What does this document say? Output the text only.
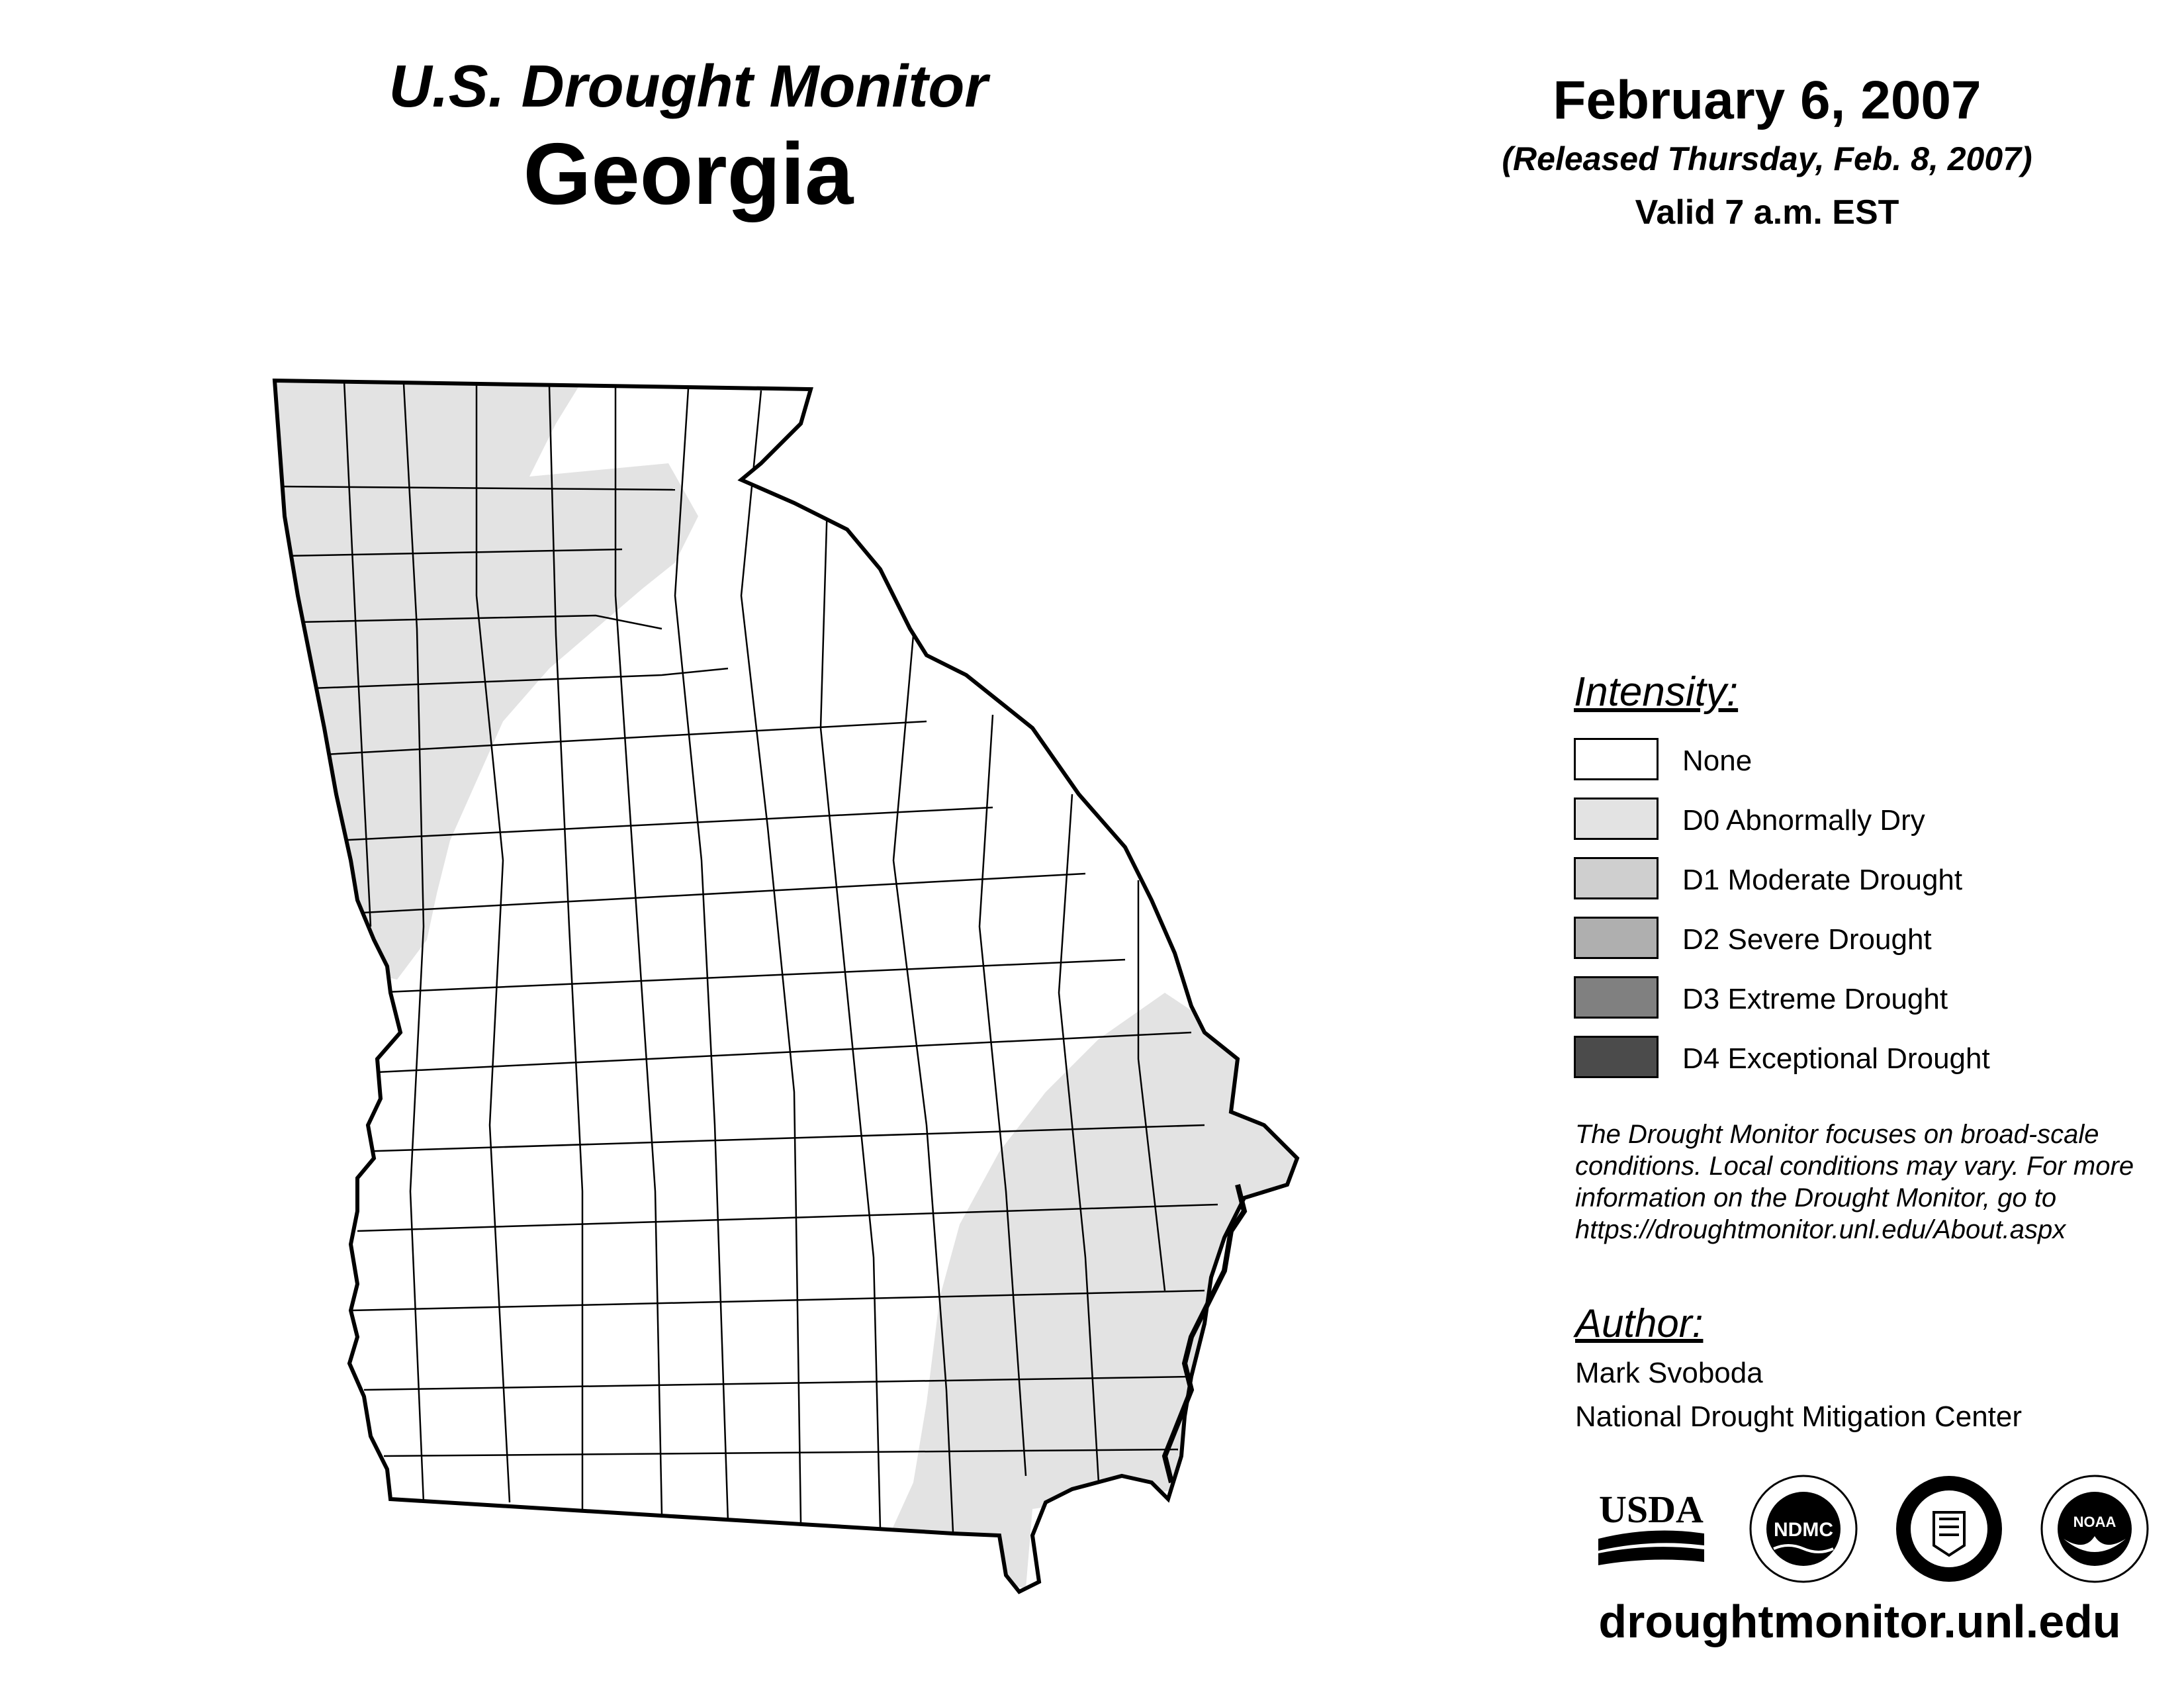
U.S. Drought Monitor
Georgia
February 6, 2007
(Released Thursday, Feb. 8, 2007)
Valid 7 a.m. EST
Intensity:
None
D0 Abnormally Dry
D1 Moderate Drought
D2 Severe Drought
D3 Extreme Drought
D4 Exceptional Drought
The Drought Monitor focuses on broad-scale conditions. Local conditions may vary. For more information on the Drought Monitor, go to https://droughtmonitor.unl.edu/About.aspx
Author:
Mark Svoboda
National Drought Mitigation Center
USDA	NDMC	NOAA
droughtmonitor.unl.edu
